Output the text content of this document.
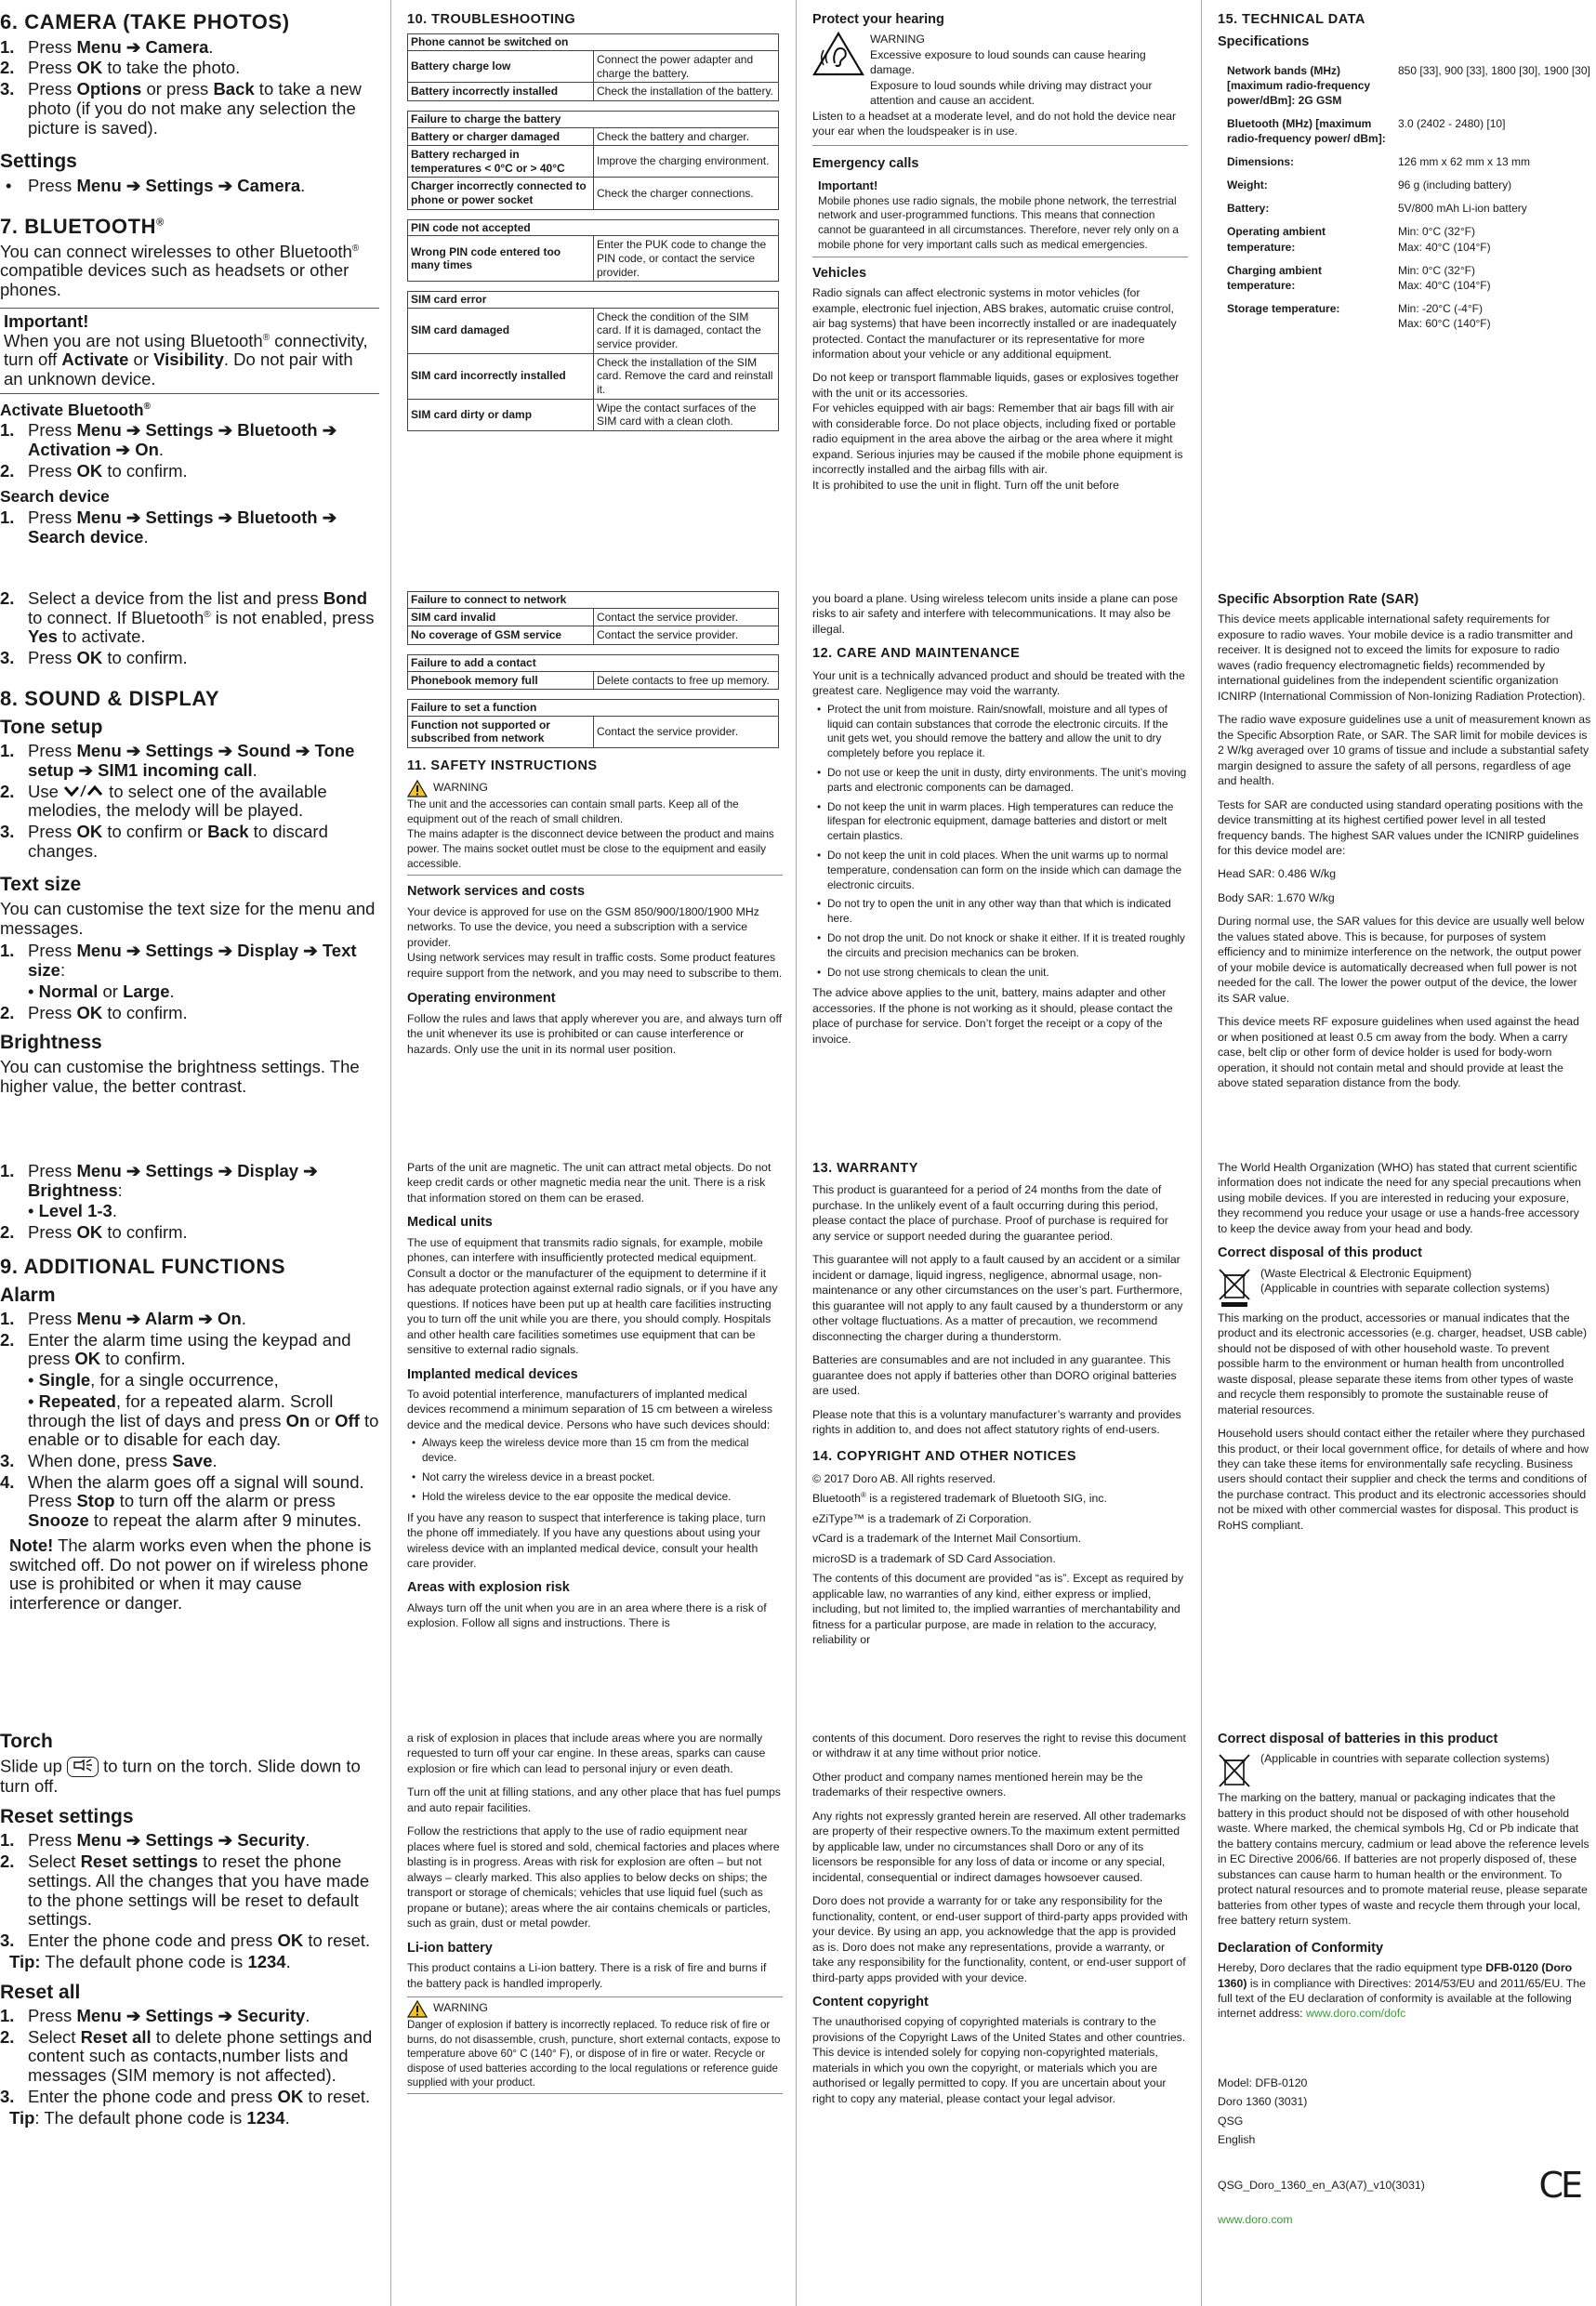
6. CAMERA (TAKE PHOTOS)
1. Press Menu ➔ Camera.
2. Press OK to take the photo.
3. Press Options or press Back to take a new photo (if you do not make any selection the picture is saved).
Settings
• Press Menu ➔ Settings ➔ Camera.
7. BLUETOOTH®

You can connect wirelesses to other Bluetooth® compatible devices such as headsets or other phones.

Important!
When you are not using Bluetooth® connectivity, turn off Activate or Visibility. Do not pair with an unknown device.
Activate Bluetooth®
1. Press Menu ➔ Settings ➔ Bluetooth ➔ Activation ➔ On.
2. Press OK to confirm.
Search device
1. Press Menu ➔ Settings ➔ Bluetooth ➔ Search device.
2. Select a device from the list and press Bond to connect. If Bluetooth® is not enabled, press Yes to activate.
3. Press OK to confirm.
8. SOUND & DISPLAY
Tone setup
1. Press Menu ➔ Settings ➔ Sound ➔ Tone setup ➔ SIM1 incoming call.
2. Use  to select one of the available melodies, the melody will be played.
3. Press OK to confirm or Back to discard changes.
Text size

You can customise the text size for the menu and messages.

1. Press Menu ➔ Settings ➔ Display ➔ Text size:
• Normal or Large.
2. Press OK to confirm.
Brightness

You can customise the brightness settings. The higher value, the better contrast.

1. Press Menu ➔ Settings ➔ Display ➔ Brightness:
• Level 1-3.
2. Press OK to confirm.
9. ADDITIONAL FUNCTIONS
Alarm
1. Press Menu ➔ Alarm ➔ On.
2. Enter the alarm time using the keypad and press OK to confirm.
• Single, for a single occurrence,
• Repeated, for a repeated alarm. Scroll through the list of days and press On or Off to enable or to disable for each day.
3. When done, press Save.
4. When the alarm goes off a signal will sound. Press Stop to turn off the alarm or press Snooze to repeat the alarm after 9 minutes.
Note! The alarm works even when the phone is switched off. Do not power on if wireless phone use is prohibited or when it may cause interference or danger.
Torch

Slide up  to turn on the torch. Slide down to turn off.

Reset settings
1. Press Menu ➔ Settings ➔ Security.
2. Select Reset settings to reset the phone settings. All the changes that you have made to the phone settings will be reset to default settings.
3. Enter the phone code and press OK to reset.
Tip: The default phone code is 1234.
Reset all
1. Press Menu ➔ Settings ➔ Security.
2. Select Reset all to delete phone settings and content such as contacts,number lists and messages (SIM memory is not affected).
3. Enter the phone code and press OK to reset.
Tip: The default phone code is 1234.
10. TROUBLESHOOTING
Phone cannot be switched on	
Battery charge low	Connect the power adapter and charge the battery.
Battery incorrectly installed	Check the installation of the battery.
Failure to charge the battery	
Battery or charger damaged	Check the battery and charger.
Battery recharged in temperatures < 0°C or > 40°C	Improve the charging environment.
Charger incorrectly connected to phone or power socket	Check the charger connections.
PIN code not accepted
Wrong PIN code entered too many times	Enter the PUK code to change the PIN code, or contact the service provider.
SIM card error	
SIM card damaged	Check the condition of the SIM card. If it is damaged, contact the service provider.
SIM card incorrectly installed	Check the installation of the SIM card. Remove the card and reinstall it.
SIM card dirty or damp	Wipe the contact surfaces of the SIM card with a clean cloth.
Failure to connect to network	
SIM card invalid	Contact the service provider.
No coverage of GSM service	Contact the service provider.
Failure to add a contact
Phonebook memory full	Delete contacts to free up memory.
Failure to set a function
Function not supported or subscribed from network	Contact the service provider.
11. SAFETY INSTRUCTIONS
WARNING
The unit and the accessories can contain small parts. Keep all of the equipment out of the reach of small children.
The mains adapter is the disconnect device between the product and mains power. The mains socket outlet must be close to the equipment and easily accessible.
Network services and costs
Your device is approved for use on the GSM 850/900/1800/1900 MHz networks. To use the device, you need a subscription with a service provider.

Using network services may result in traffic costs. Some product features require support from the network, and you may need to subscribe to them.

Operating environment

Follow the rules and laws that apply wherever you are, and always turn off the unit whenever its use is prohibited or can cause interference or hazards. Only use the unit in its normal user position.

Parts of the unit are magnetic. The unit can attract metal objects. Do not keep credit cards or other magnetic media near the unit. There is a risk that information stored on them can be erased.

Medical units

The use of equipment that transmits radio signals, for example, mobile phones, can interfere with insufficiently protected medical equipment. Consult a doctor or the manufacturer of the equipment to determine if it has adequate protection against external radio signals, or if you have any questions. If notices have been put up at health care facilities instructing you to turn off the unit while you are there, you should comply. Hospitals and other health care facilities sometimes use equipment that can be sensitive to external radio signals.

Implanted medical devices
To avoid potential interference, manufacturers of implanted medical devices recommend a minimum separation of 15 cm between a wireless device and the medical device. Persons who have such devices should:
• Always keep the wireless device more than 15 cm from the medical device.
• Not carry the wireless device in a breast pocket.
• Hold the wireless device to the ear opposite the medical device.

If you have any reason to suspect that interference is taking place, turn the phone off immediately. If you have any questions about using your wireless device with an implanted medical device, consult your health care provider.

Areas with explosion risk

Always turn off the unit when you are in an area where there is a risk of explosion. Follow all signs and instructions. There is

a risk of explosion in places that include areas where you are normally requested to turn off your car engine. In these areas, sparks can cause explosion or fire which can lead to personal injury or even death.

Turn off the unit at filling stations, and any other place that has fuel pumps and auto repair facilities.

Follow the restrictions that apply to the use of radio equipment near places where fuel is stored and sold, chemical factories and places where blasting is in progress. Areas with risk for explosion are often – but not always – clearly marked. This also applies to below decks on ships; the transport or storage of chemicals; vehicles that use liquid fuel (such as propane or butane); areas where the air contains chemicals or particles, such as grain, dust or metal powder.

Li-ion battery
This product contains a Li-ion battery. There is a risk of fire and burns if the battery pack is handled improperly.
WARNING
Danger of explosion if battery is incorrectly replaced. To reduce risk of fire or burns, do not disassemble, crush, puncture, short external contacts, expose to temperature above 60° C (140° F), or dispose of in fire or water. Recycle or dispose of used batteries according to the local regulations or reference guide supplied with your product.
Protect your hearing
WARNING
Excessive exposure to loud sounds can cause hearing damage.
Exposure to loud sounds while driving may distract your attention and cause an accident.
Listen to a headset at a moderate level, and do not hold the device near your ear when the loudspeaker is in use.
Emergency calls
Important!
Mobile phones use radio signals, the mobile phone network, the terrestrial network and user-programmed functions. This means that connection cannot be guaranteed in all circumstances. Therefore, never rely only on a mobile phone for very important calls such as medical emergencies.
Vehicles

Radio signals can affect electronic systems in motor vehicles (for example, electronic fuel injection, ABS brakes, automatic cruise control, air bag systems) that have been incorrectly installed or are inadequately protected. Contact the manufacturer or its representative for more information about your vehicle or any additional equipment.

Do not keep or transport flammable liquids, gases or explosives together with the unit or its accessories.
For vehicles equipped with air bags: Remember that air bags fill with air with considerable force. Do not place objects, including fixed or portable radio equipment in the area above the airbag or the area where it might expand. Serious injuries may be caused if the mobile phone equipment is incorrectly installed and the airbag fills with air.
It is prohibited to use the unit in flight. Turn off the unit before

you board a plane. Using wireless telecom units inside a plane can pose risks to air safety and interfere with telecommunications. It may also be illegal.

12. CARE AND MAINTENANCE
Your unit is a technically advanced product and should be treated with the greatest care. Negligence may void the warranty.
• Protect the unit from moisture. Rain/snowfall, moisture and all types of liquid can contain substances that corrode the electronic circuits. If the unit gets wet, you should remove the battery and allow the unit to dry completely before you replace it.
• Do not use or keep the unit in dusty, dirty environments. The unit’s moving parts and electronic components can be damaged.
• Do not keep the unit in warm places. High temperatures can reduce the lifespan for electronic equipment, damage batteries and distort or melt certain plastics.
• Do not keep the unit in cold places. When the unit warms up to normal temperature, condensation can form on the inside which can damage the electronic circuits.
• Do not try to open the unit in any other way than that which is indicated here.
• Do not drop the unit. Do not knock or shake it either. If it is treated roughly the circuits and precision mechanics can be broken.
• Do not use strong chemicals to clean the unit.

The advice above applies to the unit, battery, mains adapter and other accessories. If the phone is not working as it should, please contact the place of purchase for service. Don’t forget the receipt or a copy of the invoice.

13. WARRANTY

This product is guaranteed for a period of 24 months from the date of purchase. In the unlikely event of a fault occurring during this period, please contact the place of purchase. Proof of purchase is required for any service or support needed during the guarantee period.

This guarantee will not apply to a fault caused by an accident or a similar incident or damage, liquid ingress, negligence, abnormal usage, non-maintenance or any other circumstances on the user’s part. Furthermore, this guarantee will not apply to any fault caused by a thunderstorm or any other voltage fluctuations. As a matter of precaution, we recommend disconnecting the charger during a thunderstorm.

Batteries are consumables and are not included in any guarantee. This guarantee does not apply if batteries other than DORO original batteries are used.

Please note that this is a voluntary manufacturer’s warranty and provides rights in addition to, and does not affect statutory rights of end-users.

14. COPYRIGHT AND OTHER NOTICES

© 2017 Doro AB. All rights reserved.

Bluetooth® is a registered trademark of Bluetooth SIG, inc.

eZiType™ is a trademark of Zi Corporation.

vCard is a trademark of the Internet Mail Consortium.

microSD is a trademark of SD Card Association.

The contents of this document are provided “as is”. Except as required by applicable law, no warranties of any kind, either express or implied, including, but not limited to, the implied warranties of merchantability and fitness for a particular purpose, are made in relation to the accuracy, reliability or

contents of this document. Doro reserves the right to revise this document or withdraw it at any time without prior notice.

Other product and company names mentioned herein may be the trademarks of their respective owners.

Any rights not expressly granted herein are reserved. All other trademarks are property of their respective owners.To the maximum extent permitted by applicable law, under no circumstances shall Doro or any of its licensors be responsible for any loss of data or income or any special, incidental, consequential or indirect damages howsoever caused.

Doro does not provide a warranty for or take any responsibility for the functionality, content, or end-user support of third-party apps provided with your device. By using an app, you acknowledge that the app is provided as is. Doro does not make any representations, provide a warranty, or take any responsibility for the functionality, content, or end-user support of third-party apps provided with your device.

Content copyright

The unauthorised copying of copyrighted materials is contrary to the provisions of the Copyright Laws of the United States and other countries. This device is intended solely for copying non-copyrighted materials, materials in which you own the copyright, or materials which you are authorised or legally permitted to copy. If you are uncertain about your right to copy any material, please contact your legal advisor.

15. TECHNICAL DATA
Specifications
Network bands (MHz) [maximum radio-frequency power/dBm]: 2G GSM
850 [33], 900 [33], 1800 [30], 1900 [30]
Bluetooth (MHz) [maximum radio-frequency power/ dBm]:
3.0 (2402 - 2480) [10]
Dimensions:	126 mm x 62 mm x 13 mm
Weight:	96 g (including battery)
Battery:	5V/800 mAh Li-ion battery
Operating ambient temperature:
Min: 0°C (32°F) Max: 40°C (104°F)
Charging ambient temperature:
Min: 0°C (32°F) Max: 40°C (104°F)
Storage temperature:	Min: -20°C (-4°F) Max: 60°C (140°F)
Specific Absorption Rate (SAR)

This device meets applicable international safety requirements for exposure to radio waves. Your mobile device is a radio transmitter and receiver. It is designed not to exceed the limits for exposure to radio waves (radio frequency electromagnetic fields) recommended by international guidelines from the independent scientific organization ICNIRP (International Commission of Non-Ionizing Radiation Protection).

The radio wave exposure guidelines use a unit of measurement known as the Specific Absorption Rate, or SAR. The SAR limit for mobile devices is 2 W/kg averaged over 10 grams of tissue and include a substantial safety margin designed to assure the safety of all persons, regardless of age and health.

Tests for SAR are conducted using standard operating positions with the device transmitting at its highest certified power level in all tested frequency bands. The highest SAR values under the ICNIRP guidelines for this device model are:

Head SAR: 0.486 W/kg

Body SAR: 1.670 W/kg

During normal use, the SAR values for this device are usually well below the values stated above. This is because, for purposes of system efficiency and to minimize interference on the network, the output power of your mobile device is automatically decreased when full power is not needed for the call. The lower the power output of the device, the lower its SAR value.

This device meets RF exposure guidelines when used against the head or when positioned at least 0.5 cm away from the body. When a carry case, belt clip or other form of device holder is used for body-worn operation, it should not contain metal and should provide at least the above stated separation distance from the body.

The World Health Organization (WHO) has stated that current scientific information does not indicate the need for any special precautions when using mobile devices. If you are interested in reducing your exposure, they recommend you reduce your usage or use a hands-free accessory to keep the device away from your head and body.

Correct disposal of this product
(Waste Electrical & Electronic Equipment)
(Applicable in countries with separate collection systems)

This marking on the product, accessories or manual indicates that the product and its electronic accessories (e.g. charger, headset, USB cable) should not be disposed of with other household waste. To prevent possible harm to the environment or human health from uncontrolled waste disposal, please separate these items from other types of waste and recycle them responsibly to promote the sustainable reuse of material resources.

Household users should contact either the retailer where they purchased this product, or their local government office, for details of where and how they can take these items for environmentally safe recycling. Business users should contact their supplier and check the terms and conditions of the purchase contract. This product and its electronic accessories should not be mixed with other commercial wastes for disposal. This product is RoHS compliant.

Correct disposal of batteries in this product
(Applicable in countries with separate collection systems)

The marking on the battery, manual or packaging indicates that the battery in this product should not be disposed of with other household waste. Where marked, the chemical symbols Hg, Cd or Pb indicate that the battery contains mercury, cadmium or lead above the reference levels in EC Directive 2006/66. If batteries are not properly disposed of, these substances can cause harm to human health or the environment. To protect natural resources and to promote material reuse, please separate batteries from other types of waste and recycle them through your local, free battery return system.

Declaration of Conformity

Hereby, Doro declares that the radio equipment type DFB-0120 (Doro 1360) is in compliance with Directives: 2014/53/EU and 2011/65/EU. The full text of the EU declaration of conformity is available at the following internet address: www.doro.com/dofc

Model: DFB-0120
Doro 1360 (3031)
QSG
English
QSG_Doro_1360_en_A3(A7)_v10(3031)	CE
www.doro.com
